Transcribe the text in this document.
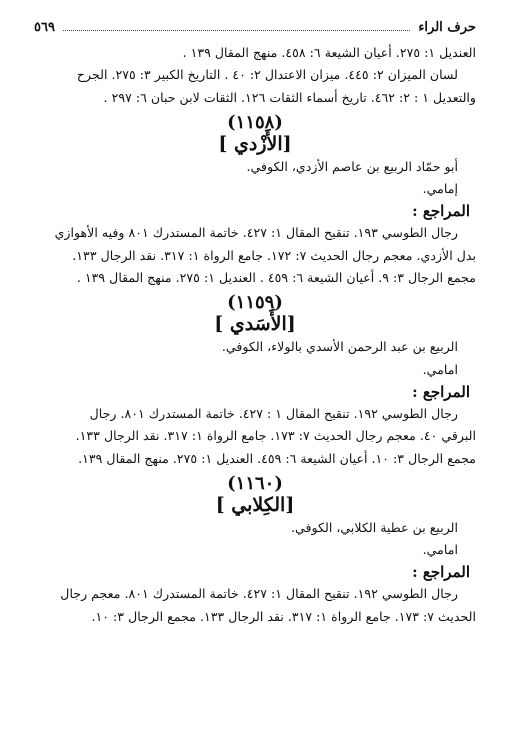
حرف الراء
٥٦٩
العنديل ١: ٢٧٥. أعيان الشيعة ٦: ٤٥٨. منهج المقال ١٣٩ .
لسان الميزان ٢: ٤٤٥. ميزان الاعتدال ٢: ٤٠ . التاريخ الكبير ٣: ٢٧٥. الجرح
والتعديل ١ : ٢: ٤٦٢. تاريخ أسماء الثقات ١٢٦. الثقات لابن حبان ٦: ٢٩٧ .
(١١٥٨)
[الأَزْدي ]
أبو حمّاد الربيع بن عاصم الأزدي، الكوفي.
إمامي.
المراجع :
رجال الطوسي ١٩٣. تنقيح المقال ١: ٤٢٧. خاتمة المستدرك ٨٠١ وفيه الأهوازي
بدل الأزدي. معجم رجال الحديث ٧: ١٧٢. جامع الرواة ١: ٣١٧. نقد الرجال ١٣٣.
مجمع الرجال ٣: ٩. أعيان الشيعة ٦: ٤٥٩ . العنديل ١: ٢٧٥. منهج المقال ١٣٩ .
(١١٥٩)
[الأَسَدي ]
الربيع بن عبد الرحمن الأسدي بالولاء، الكوفي.
امامي.
المراجع :
رجال الطوسي ١٩٢. تنقيح المقال ١ : ٤٢٧. خاتمة المستدرك ٨٠١. رجال
البرقي ٤٠. معجم رجال الحديث ٧: ١٧٣. جامع الرواة ١: ٣١٧. نقد الرجال ١٣٣.
مجمع الرجال ٣: ١٠. أعيان الشيعة ٦: ٤٥٩. العنديل ١: ٢٧٥. منهج المقال ١٣٩.
(١١٦٠)
[الكِلابي ]
الربيع بن عطية الكلابي، الكوفي.
امامي.
المراجع :
رجال الطوسي ١٩٢. تنقيح المقال ١: ٤٢٧. خاتمة المستدرك ٨٠١. معجم رجال
الحديث ٧: ١٧٣. جامع الرواة ١: ٣١٧. نقد الرجال ١٣٣. مجمع الرجال ٣: ١٠.
